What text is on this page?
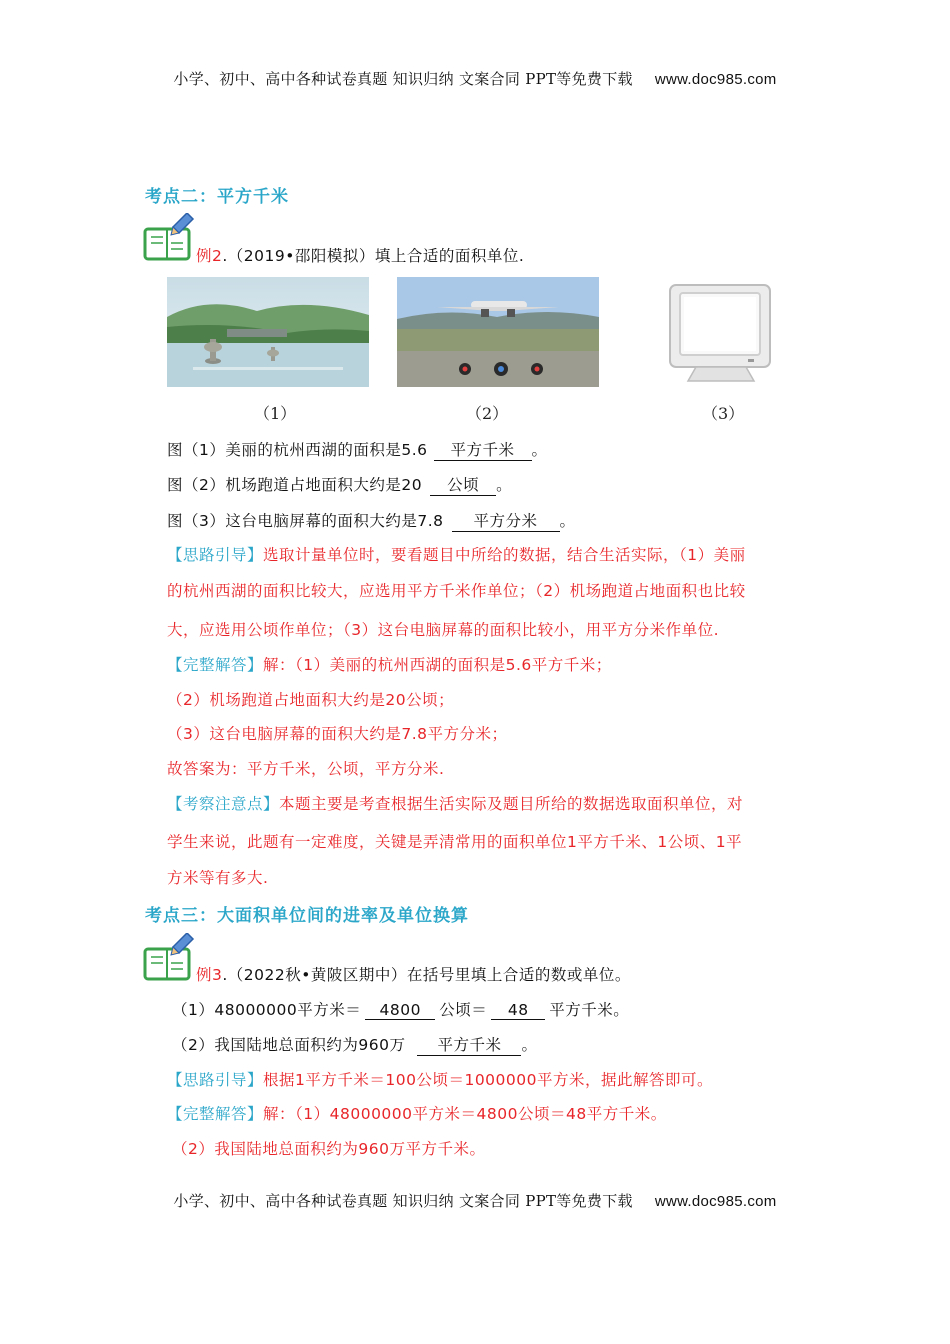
小学、初中、高中各种试卷真题 知识归纳 文案合同 PPT等免费下载 www.doc985.com
考点二：平方千米
例2.（2019•邵阳模拟）填上合适的面积单位.
（1）	（2）	（3）
图（1）美丽的杭州西湖的面积是5.6 平方千米 。
图（2）机场跑道占地面积大约是20 公顷 。
图（3）这台电脑屏幕的面积大约是7.8 平方分米 。
【思路引导】选取计量单位时，要看题目中所给的数据，结合生活实际，（1）美丽
的杭州西湖的面积比较大，应选用平方千米作单位；（2）机场跑道占地面积也比较
大，应选用公顷作单位；（3）这台电脑屏幕的面积比较小，用平方分米作单位.
【完整解答】解：（1）美丽的杭州西湖的面积是5.6平方千米；
（2）机场跑道占地面积大约是20公顷；
（3）这台电脑屏幕的面积大约是7.8平方分米；
故答案为：平方千米，公顷，平方分米.
【考察注意点】本题主要是考查根据生活实际及题目所给的数据选取面积单位，对
学生来说，此题有一定难度，关键是弄清常用的面积单位1平方千米、1公顷、1平
方米等有多大.
考点三：大面积单位间的进率及单位换算
例3.（2022秋•黄陂区期中）在括号里填上合适的数或单位。
（1）48000000平方米＝ 4800 公顷＝ 48 平方千米。
（2）我国陆地总面积约为960万 平方千米 。
【思路引导】根据1平方千米＝100公顷＝1000000平方米，据此解答即可。
【完整解答】解：（1）48000000平方米＝4800公顷＝48平方千米。
（2）我国陆地总面积约为960万平方千米。
小学、初中、高中各种试卷真题 知识归纳 文案合同 PPT等免费下载 www.doc985.com
